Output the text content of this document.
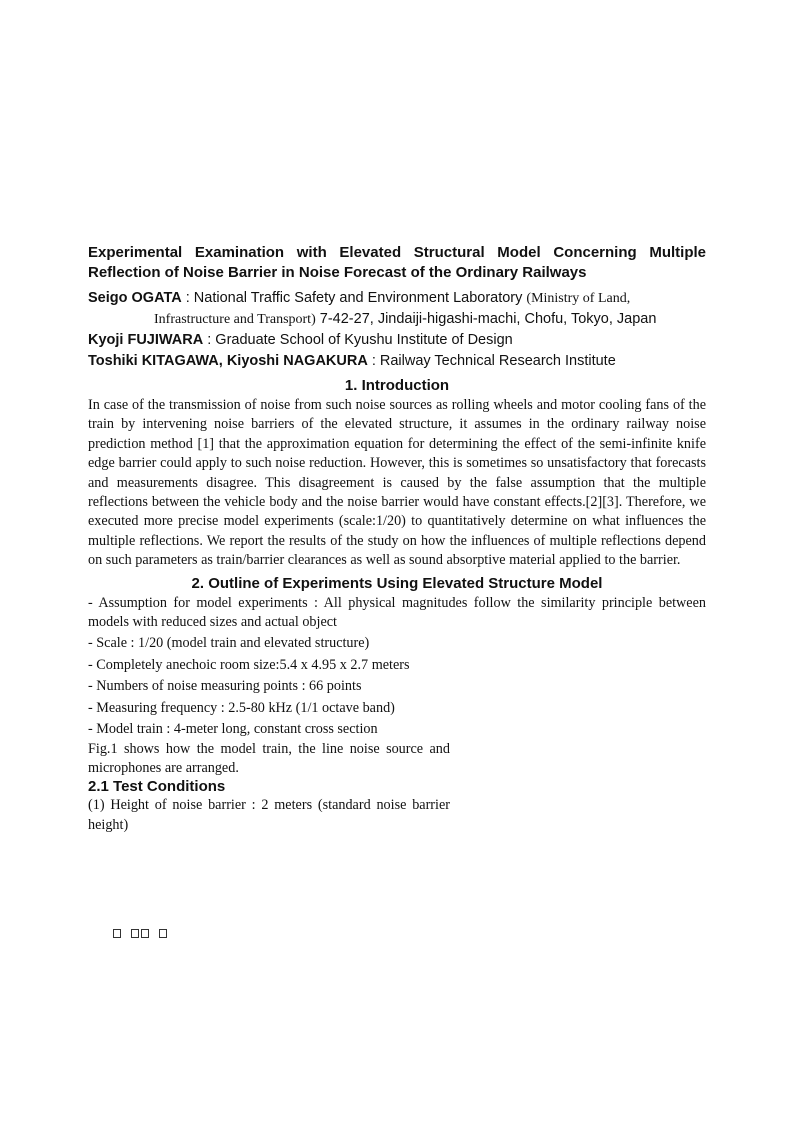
Experimental Examination with Elevated Structural Model Concerning Multiple Reflection of Noise Barrier in Noise Forecast of the Ordinary Railways

Seigo OGATA : National Traffic Safety and Environment Laboratory (Ministry of Land,

Infrastructure and Transport) 7-42-27, Jindaiji-higashi-machi, Chofu, Tokyo, Japan

Kyoji FUJIWARA : Graduate School of Kyushu Institute of Design

Toshiki KITAGAWA, Kiyoshi NAGAKURA : Railway Technical Research Institute

1. Introduction

In case of the transmission of noise from such noise sources as rolling wheels and motor cooling fans of the train by intervening noise barriers of the elevated structure, it assumes in the ordinary railway noise prediction method [1] that the approximation equation for determining the effect of the semi-infinite knife edge barrier could apply to such noise reduction. However, this is sometimes so unsatisfactory that forecasts and measurements disagree. This disagreement is caused by the false assumption that the multiple reflections between the vehicle body and the noise barrier would have constant effects.[2][3]. Therefore, we executed more precise model experiments (scale:1/20) to quantitatively determine on what influences the multiple reflections. We report the results of the study on how the influences of multiple reflections depend on such parameters as train/barrier clearances as well as sound absorptive material applied to the barrier.

2. Outline of Experiments Using Elevated Structure Model

- Assumption for model experiments : All physical magnitudes follow the similarity principle between models with reduced sizes and actual object

- Scale : 1/20 (model train and elevated structure)

- Completely anechoic room size:5.4 x 4.95 x 2.7 meters

- Numbers of noise measuring points : 66 points

- Measuring frequency : 2.5-80 kHz (1/1 octave band)

- Model train : 4-meter long, constant cross section

Fig.1 shows how the model train, the line noise source and microphones are arranged.

2.1 Test Conditions

(1) Height of noise barrier : 2 meters (standard noise barrier height)
